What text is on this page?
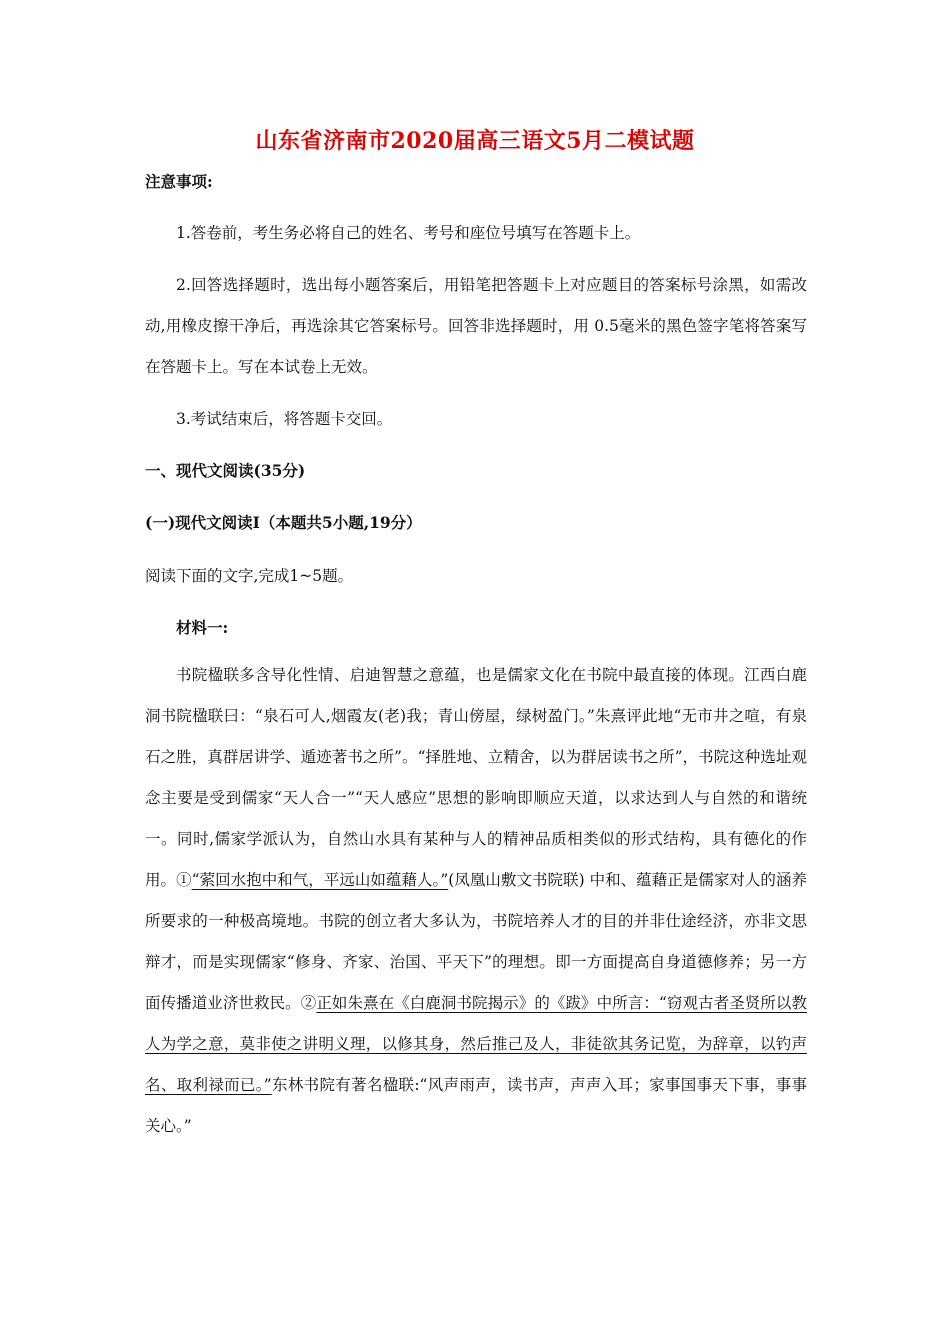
山东省济南市2020届高三语文5月二模试题
注意事项:
1.答卷前，考生务必将自己的姓名、考号和座位号填写在答题卡上。
2.回答选择题时，选出每小题答案后，用铅笔把答题卡上对应题目的答案标号涂黑，如需改动,用橡皮擦干净后，再选涂其它答案标号。回答非选择题时，用 0.5毫米的黑色签字笔将答案写在答题卡上。写在本试卷上无效。
3.考试结束后，将答题卡交回。
一、现代文阅读(35分)
(一)现代文阅读Ⅰ（本题共5小题,19分）
阅读下面的文字,完成1~5题。
材料一:
书院楹联多含导化性情、启迪智慧之意蕴，也是儒家文化在书院中最直接的体现。江西白鹿洞书院楹联曰：“泉石可人,烟霞友(老)我；青山傍屋，绿树盈门。”朱熹评此地“无市井之喧，有泉石之胜，真群居讲学、遁迹著书之所”。“择胜地、立精舍，以为群居读书之所”，书院这种选址观念主要是受到儒家“天人合一”“天人感应”思想的影响即顺应天道，以求达到人与自然的和谐统一。同时,儒家学派认为，自然山水具有某种与人的精神品质相类似的形式结构，具有德化的作用。①“萦回水抱中和气，平远山如蕴藉人。”(凤凰山敷文书院联) 中和、蕴藉正是儒家对人的涵养所要求的一种极高境地。书院的创立者大多认为，书院培养人才的目的并非仕途经济，亦非文思辩才，而是实现儒家“修身、齐家、治国、平天下”的理想。即一方面提高自身道德修养；另一方面传播道业济世救民。②正如朱熹在《白鹿洞书院揭示》的《跋》中所言：“窃观古者圣贤所以教人为学之意，莫非使之讲明义理，以修其身，然后推己及人，非徒欲其务记览，为辞章，以钓声名、取利禄而已。”东林书院有著名楹联:“风声雨声，读书声，声声入耳；家事国事天下事，事事关心。”
